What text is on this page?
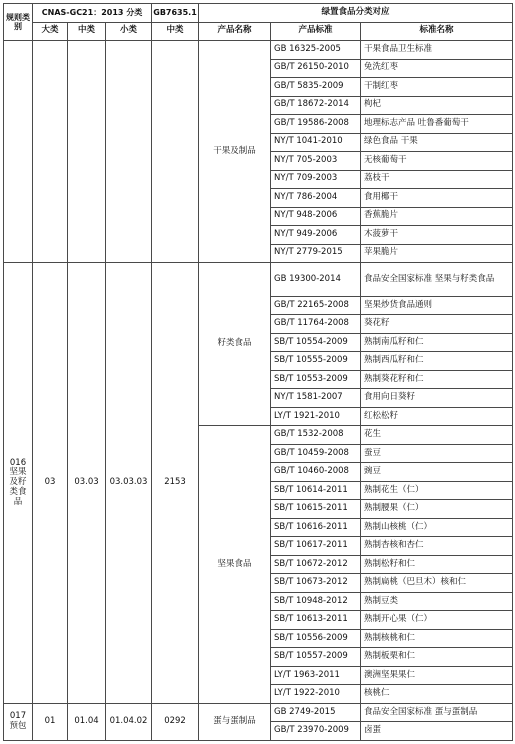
规则类别	CNAS-GC21：2013 分类			GB7635.1	绿置食品分类对应		
	大类	中类	小类	中类	产品名称	产品标准	标准名称
					干果及制品	GB 16325-2005	干果食品卫生标准
						GB/T 26150-2010	免洗红枣
						GB/T 5835-2009	干制红枣
						GB/T 18672-2014	枸杞
						GB/T 19586-2008	地理标志产品 吐鲁番葡萄干
						NY/T 1041-2010	绿色食品 干果
						NY/T 705-2003	无核葡萄干
						NY/T 709-2003	荔枝干
						NY/T 786-2004	食用椰干
						NY/T 948-2006	香蕉脆片
						NY/T 949-2006	木菠萝干
						NY/T 2779-2015	苹果脆片

016
坚果及籽类食品	03	03.03	03.03.03	2153	籽类食品	GB 19300-2014	食品安全国家标准 坚果与籽类食品
						GB/T 22165-2008	坚果炒货食品通则
						GB/T 11764-2008	葵花籽
						SB/T 10554-2009	熟制南瓜籽和仁
						SB/T 10555-2009	熟制西瓜籽和仁
						SB/T 10553-2009	熟制葵花籽和仁
						NY/T 1581-2007	食用向日葵籽
						LY/T 1921-2010	红松松籽
					坚果食品	GB/T 1532-2008	花生
						GB/T 10459-2008	蚕豆
						GB/T 10460-2008	豌豆
						SB/T 10614-2011	熟制花生（仁）
						SB/T 10615-2011	熟制腰果（仁）
						SB/T 10616-2011	熟制山核桃（仁）
						SB/T 10617-2011	熟制杏核和杏仁
						SB/T 10672-2012	熟制松籽和仁
						SB/T 10673-2012	熟制扁桃（巴旦木）核和仁
						SB/T 10948-2012	熟制豆类
						SB/T 10613-2011	熟制开心果（仁）
						SB/T 10556-2009	熟制核桃和仁
						SB/T 10557-2009	熟制板栗和仁
						LY/T 1963-2011	澳洲坚果果仁
						LY/T 1922-2010	核桃仁

017
预包	01	01.04	01.04.02	0292	蛋与蛋制品	GB 2749-2015	食品安全国家标准 蛋与蛋制品
						GB/T 23970-2009	卤蛋
